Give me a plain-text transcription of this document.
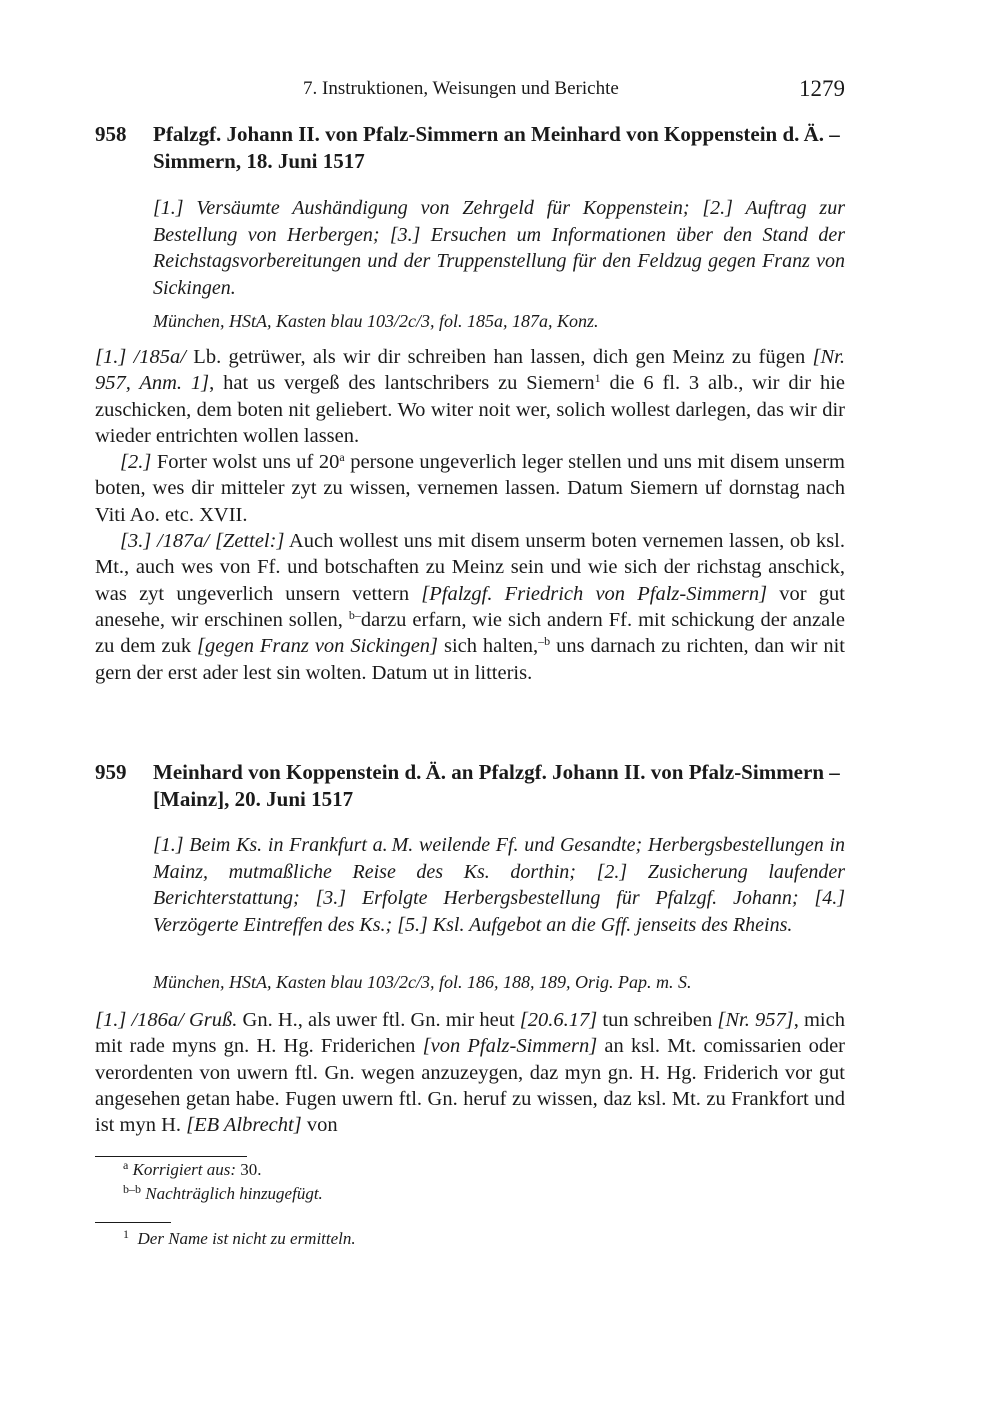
7. Instruktionen, Weisungen und Berichte	1279
958 Pfalzgf. Johann II. von Pfalz-Simmern an Meinhard von Koppenstein d. Ä. – Simmern, 18. Juni 1517
[1.] Versäumte Aushändigung von Zehrgeld für Koppenstein; [2.] Auftrag zur Bestellung von Herbergen; [3.] Ersuchen um Informationen über den Stand der Reichstagsvorbereitungen und der Truppenstellung für den Feldzug gegen Franz von Sickingen.
München, HStA, Kasten blau 103/2c/3, fol. 185a, 187a, Konz.

[1.] /185a/ Lb. getrüwer, als wir dir schreiben han lassen, dich gen Meinz zu fügen [Nr. 957, Anm. 1], hat us vergeß des lantschribers zu Siemern$^1$ die 6 fl. 3 alb., wir dir hie zuschicken, dem boten nit geliebert. Wo witer noit wer, solich wollest darlegen, das wir dir wieder entrichten wollen lassen.

[2.] Forter wolst uns uf 20$^a$ persone ungeverlich leger stellen und uns mit disem unserm boten, wes dir mitteler zyt zu wissen, vernemen lassen. Datum Siemern uf dornstag nach Viti Ao. etc. XVII.

[3.] /187a/ [Zettel:] Auch wollest uns mit disem unserm boten vernemen lassen, ob ksl. Mt., auch wes von Ff. und botschaften zu Meinz sein und wie sich der richstag anschick, was zyt ungeverlich unsern vettern [Pfalzgf. Friedrich von Pfalz-Simmern] vor gut anesehe, wir erschinen sollen, $^{b-}$darzu erfarn, wie sich andern Ff. mit schickung der anzale zu dem zuk [gegen Franz von Sickingen] sich halten,$^{-b}$ uns darnach zu richten, dan wir nit gern der erst ader lest sin wolten. Datum ut in litteris.

959 Meinhard von Koppenstein d. Ä. an Pfalzgf. Johann II. von Pfalz-Simmern – [Mainz], 20. Juni 1517
[1.] Beim Ks. in Frankfurt a. M. weilende Ff. und Gesandte; Herbergsbestellungen in Mainz, mutmaßliche Reise des Ks. dorthin; [2.] Zusicherung laufender Berichterstattung; [3.] Erfolgte Herbergsbestellung für Pfalzgf. Johann; [4.] Verzögerte Eintreffen des Ks.; [5.] Ksl. Aufgebot an die Gff. jenseits des Rheins.
München, HStA, Kasten blau 103/2c/3, fol. 186, 188, 189, Orig. Pap. m. S.

[1.] /186a/ Gruß. Gn. H., als uwer ftl. Gn. mir heut [20.6.17] tun schreiben [Nr. 957], mich mit rade myns gn. H. Hg. Friderichen [von Pfalz-Simmern] an ksl. Mt. comissarien oder verordenten von uwern ftl. Gn. wegen anzuzeygen, daz myn gn. H. Hg. Friderich vor gut angesehen getan habe. Fugen uwern ftl. Gn. heruf zu wissen, daz ksl. Mt. zu Frankfort und ist myn H. [EB Albrecht] von

$^a$ Korrigiert aus: 30.
$^{b-b}$ Nachträglich hinzugefügt.
$^1$ Der Name ist nicht zu ermitteln.
